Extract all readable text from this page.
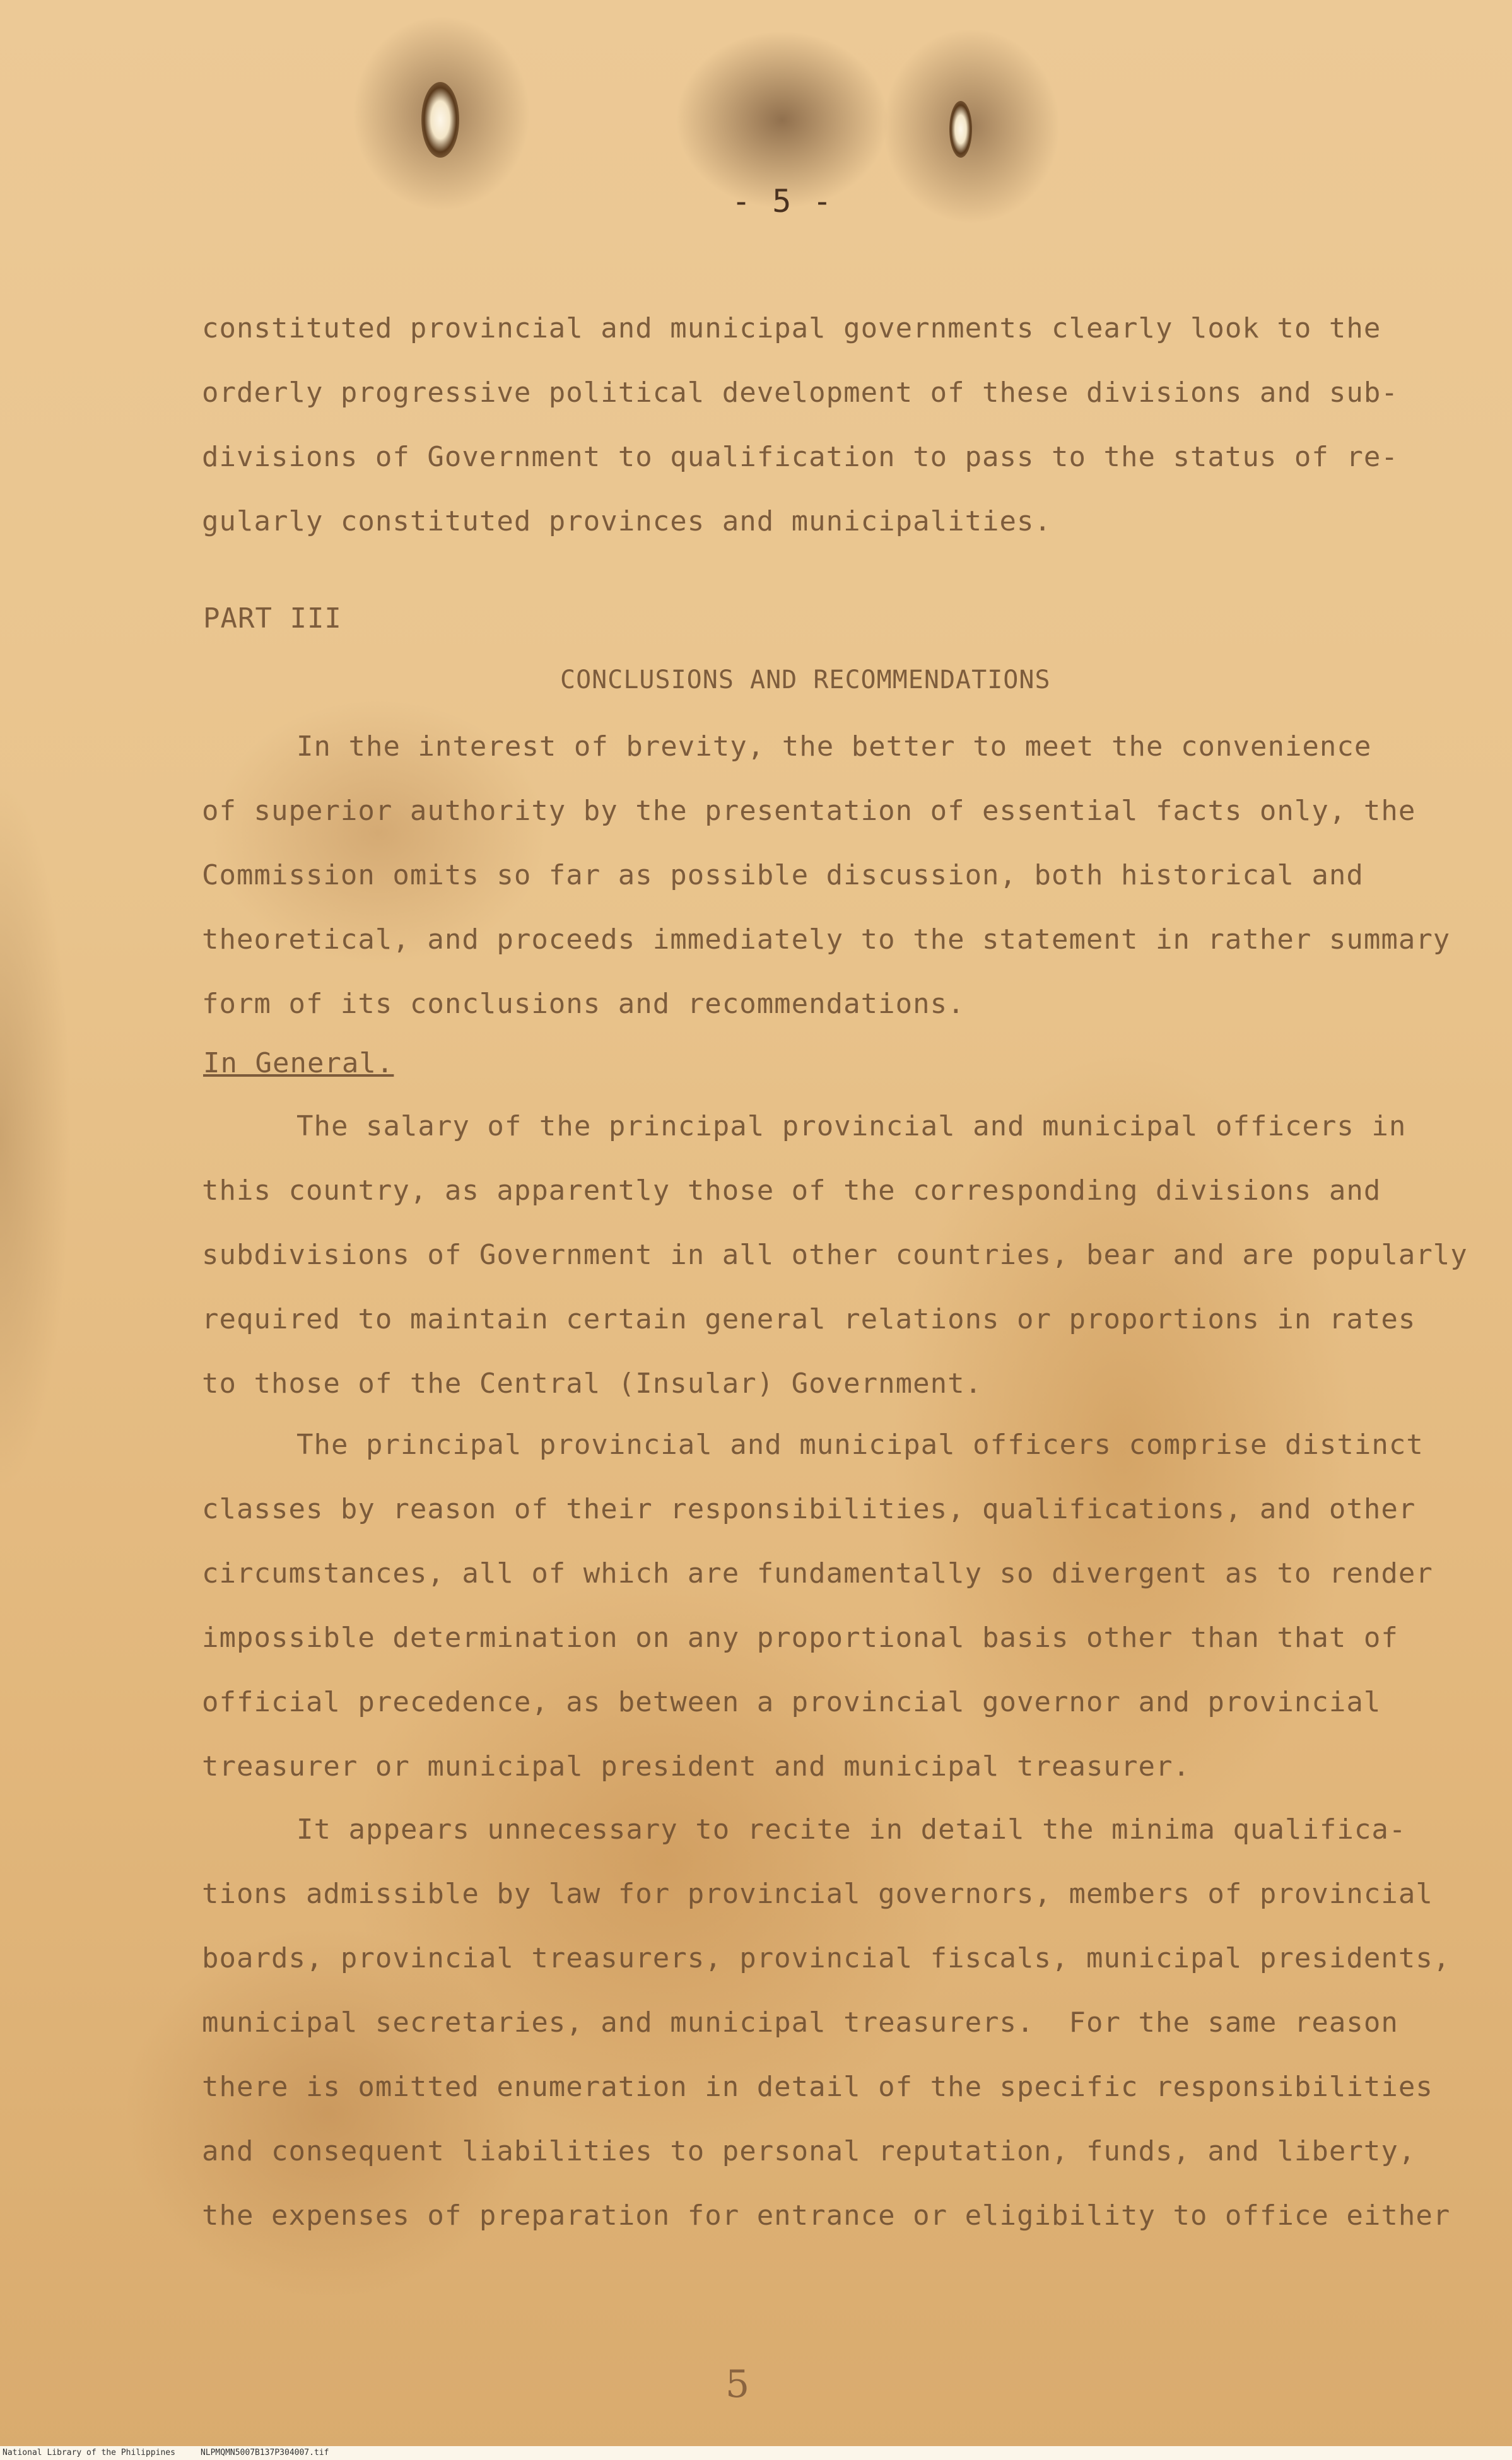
- 5 -
constituted provincial and municipal governments clearly look to the
orderly progressive political development of these divisions and sub-
divisions of Government to qualification to pass to the status of re-
gularly constituted provinces and municipalities.
PART III
CONCLUSIONS AND RECOMMENDATIONS
In the interest of brevity, the better to meet the convenience
of superior authority by the presentation of essential facts only, the
Commission omits so far as possible discussion, both historical and
theoretical, and proceeds immediately to the statement in rather summary
form of its conclusions and recommendations.
In General.
The salary of the principal provincial and municipal officers in
this country, as apparently those of the corresponding divisions and
subdivisions of Government in all other countries, bear and are popularly
required to maintain certain general relations or proportions in rates
to those of the Central (Insular) Government.
The principal provincial and municipal officers comprise distinct
classes by reason of their responsibilities, qualifications, and other
circumstances, all of which are fundamentally so divergent as to render
impossible determination on any proportional basis other than that of
official precedence, as between a provincial governor and provincial
treasurer or municipal president and municipal treasurer.
It appears unnecessary to recite in detail the minima qualifica-
tions admissible by law for provincial governors, members of provincial
boards, provincial treasurers, provincial fiscals, municipal presidents,
municipal secretaries, and municipal treasurers.  For the same reason
there is omitted enumeration in detail of the specific responsibilities
and consequent liabilities to personal reputation, funds, and liberty,
the expenses of preparation for entrance or eligibility to office either
5
National Library of the Philippines	NLPMQMN5007B137P304007.tif
